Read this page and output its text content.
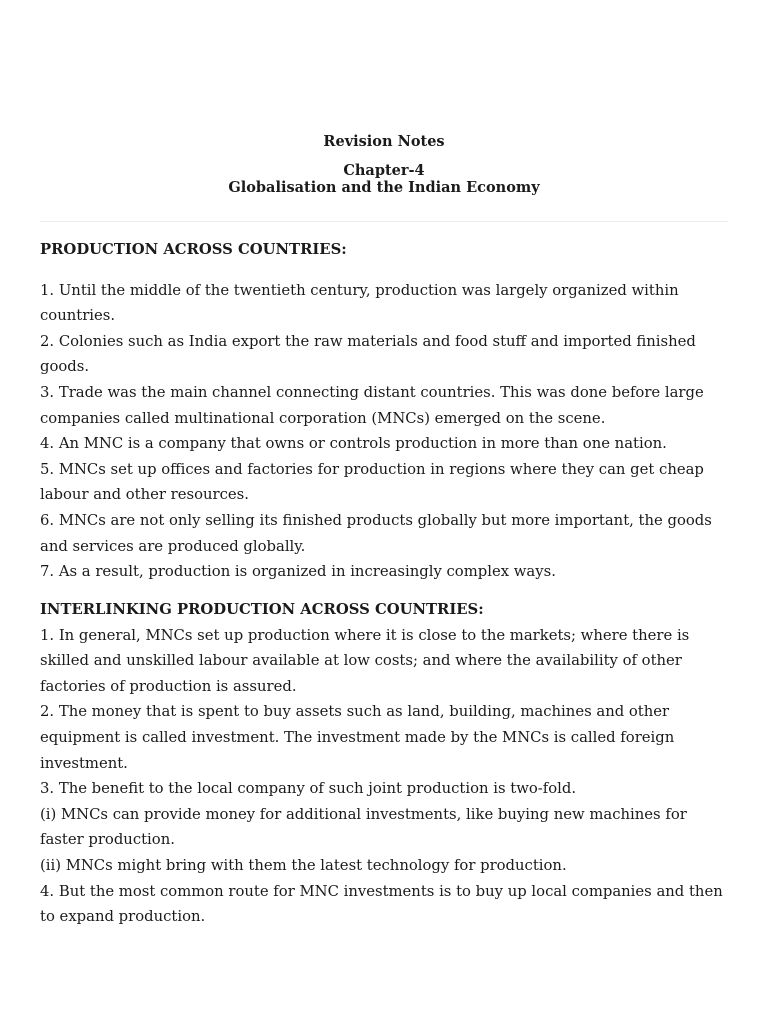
Revision Notes
Chapter-4
Globalisation and the Indian Economy
PRODUCTION ACROSS COUNTRIES:

1. Until the middle of the twentieth century, production was largely organized within countries.

2. Colonies such as India export the raw materials and food stuff and imported finished goods.

3. Trade was the main channel connecting distant countries. This was done before large companies called multinational corporation (MNCs) emerged on the scene.

4. An MNC is a company that owns or controls production in more than one nation.

5. MNCs set up offices and factories for production in regions where they can get cheap labour and other resources.

6. MNCs are not only selling its finished products globally but more important, the goods and services are produced globally.

7. As a result, production is organized in increasingly complex ways.

INTERLINKING PRODUCTION ACROSS COUNTRIES:

1. In general, MNCs set up production where it is close to the markets; where there is skilled and unskilled labour available at low costs; and where the availability of other factories of production is assured.

2. The money that is spent to buy assets such as land, building, machines and other equipment is called investment. The investment made by the MNCs is called foreign investment.

3. The benefit to the local company of such joint production is two-fold.

(i) MNCs can provide money for additional investments, like buying new machines for faster production.

(ii) MNCs might bring with them the latest technology for production.

4. But the most common route for MNC investments is to buy up local companies and then to expand production.
